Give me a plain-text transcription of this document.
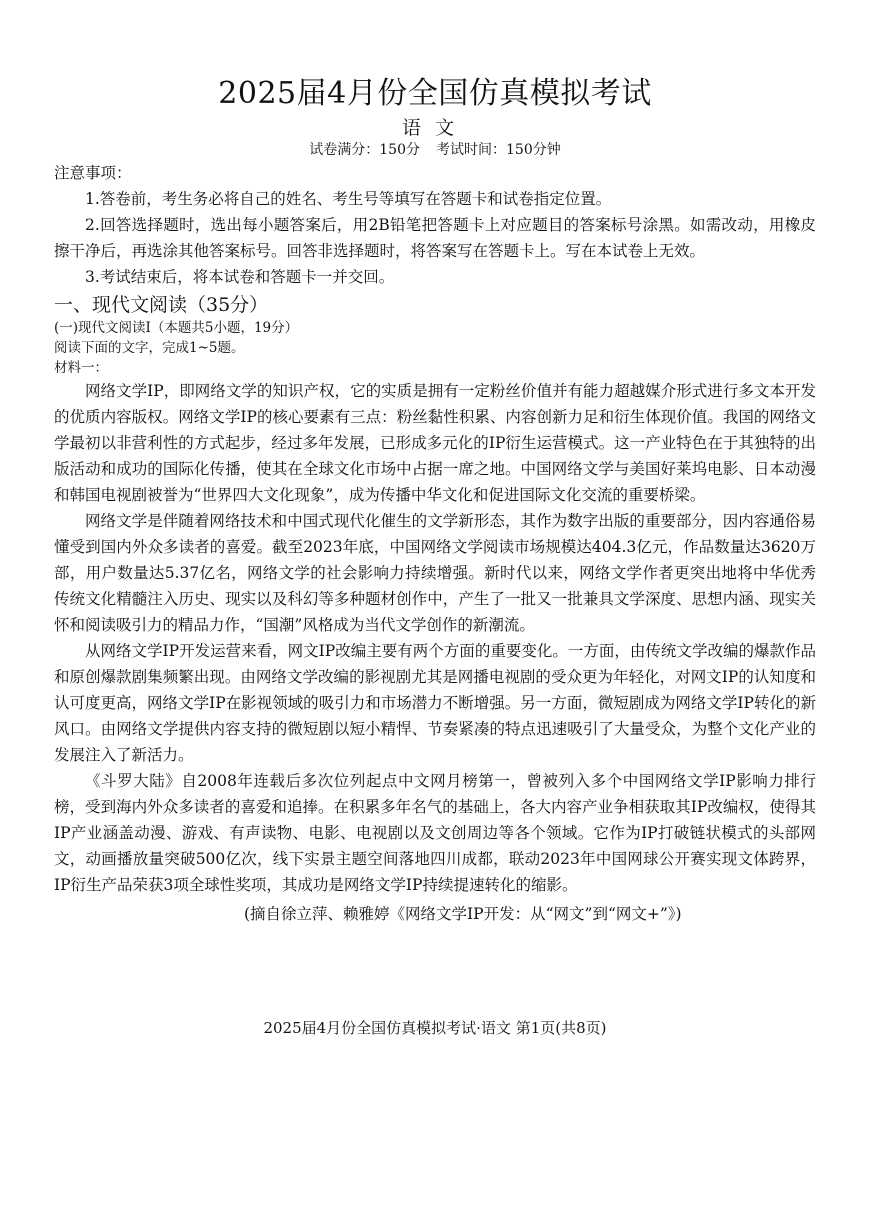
2025届4月份全国仿真模拟考试
语文
试卷满分：150分 考试时间：150分钟

注意事项：

1.答卷前，考生务必将自己的姓名、考生号等填写在答题卡和试卷指定位置。

2.回答选择题时，选出每小题答案后，用2B铅笔把答题卡上对应题目的答案标号涂黑。如需改动，用橡皮擦干净后，再选涂其他答案标号。回答非选择题时，将答案写在答题卡上。写在本试卷上无效。

3.考试结束后，将本试卷和答题卡一并交回。

一、现代文阅读（35分）

(一)现代文阅读Ⅰ（本题共5小题，19分）

阅读下面的文字，完成1~5题。

材料一：

网络文学IP，即网络文学的知识产权，它的实质是拥有一定粉丝价值并有能力超越媒介形式进行多文本开发的优质内容版权。网络文学IP的核心要素有三点：粉丝黏性积累、内容创新力足和衍生体现价值。我国的网络文学最初以非营利性的方式起步，经过多年发展，已形成多元化的IP衍生运营模式。这一产业特色在于其独特的出版活动和成功的国际化传播，使其在全球文化市场中占据一席之地。中国网络文学与美国好莱坞电影、日本动漫和韩国电视剧被誉为“世界四大文化现象”，成为传播中华文化和促进国际文化交流的重要桥梁。

网络文学是伴随着网络技术和中国式现代化催生的文学新形态，其作为数字出版的重要部分，因内容通俗易懂受到国内外众多读者的喜爱。截至2023年底，中国网络文学阅读市场规模达404.3亿元，作品数量达3620万部，用户数量达5.37亿名，网络文学的社会影响力持续增强。新时代以来，网络文学作者更突出地将中华优秀传统文化精髓注入历史、现实以及科幻等多种题材创作中，产生了一批又一批兼具文学深度、思想内涵、现实关怀和阅读吸引力的精品力作，“国潮”风格成为当代文学创作的新潮流。

从网络文学IP开发运营来看，网文IP改编主要有两个方面的重要变化。一方面，由传统文学改编的爆款作品和原创爆款剧集频繁出现。由网络文学改编的影视剧尤其是网播电视剧的受众更为年轻化，对网文IP的认知度和认可度更高，网络文学IP在影视领域的吸引力和市场潜力不断增强。另一方面，微短剧成为网络文学IP转化的新风口。由网络文学提供内容支持的微短剧以短小精悍、节奏紧凑的特点迅速吸引了大量受众，为整个文化产业的发展注入了新活力。

《斗罗大陆》自2008年连载后多次位列起点中文网月榜第一，曾被列入多个中国网络文学IP影响力排行榜，受到海内外众多读者的喜爱和追捧。在积累多年名气的基础上，各大内容产业争相获取其IP改编权，使得其IP产业涵盖动漫、游戏、有声读物、电影、电视剧以及文创周边等各个领域。它作为IP打破链状模式的头部网文，动画播放量突破500亿次，线下实景主题空间落地四川成都，联动2023年中国网球公开赛实现文体跨界，IP衍生产品荣获3项全球性奖项，其成功是网络文学IP持续提速转化的缩影。

(摘自徐立萍、赖雅婷《网络文学IP开发：从“网文”到“网文+”》)

2025届4月份全国仿真模拟考试·语文 第1页(共8页)
